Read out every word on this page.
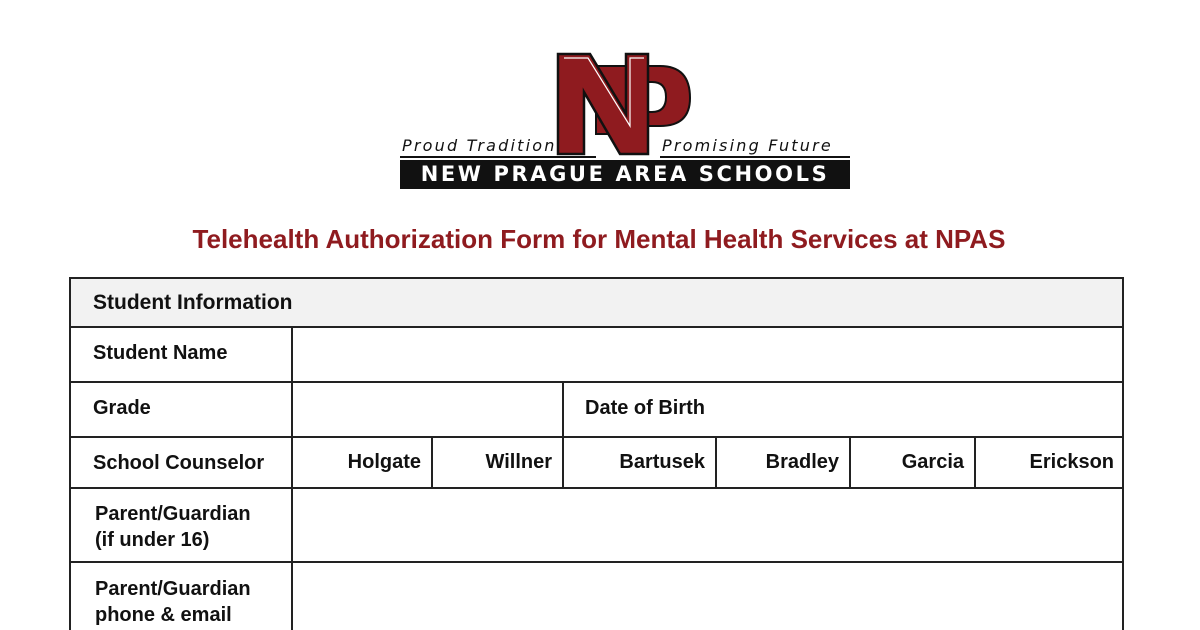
Proud Tradition	Promising Future
NEW PRAGUE AREA SCHOOLS
Telehealth Authorization Form for Mental Health Services at NPAS
Student Information
Student Name
Grade	Date of Birth
School Counselor	Holgate	Willner	Bartusek	Bradley	Garcia	Erickson
Parent/Guardian
(if under 16)
Parent/Guardian
phone & email
